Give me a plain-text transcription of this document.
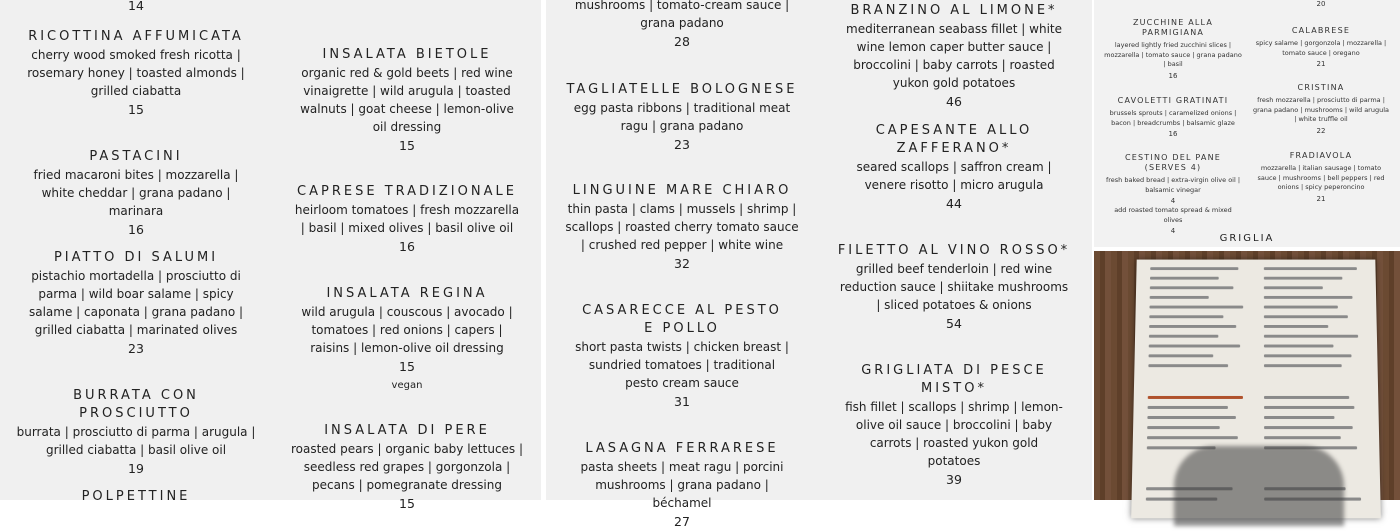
14
RICOTTINA AFFUMICATA
cherry wood smoked fresh ricotta | rosemary honey | toasted almonds | grilled ciabatta
15
PASTACINI
fried macaroni bites | mozzarella | white cheddar | grana padano | marinara
16
PIATTO DI SALUMI
pistachio mortadella | prosciutto di parma | wild boar salame | spicy salame | caponata | grana padano | grilled ciabatta | marinated olives
23
BURRATA CON PROSCIUTTO
burrata | prosciutto di parma | arugula | grilled ciabatta | basil olive oil
19
POLPETTINE
INSALATA BIETOLE
organic red & gold beets | red wine vinaigrette | wild arugula | toasted walnuts | goat cheese | lemon-olive oil dressing
15
CAPRESE TRADIZIONALE
heirloom tomatoes | fresh mozzarella | basil | mixed olives | basil olive oil
16
INSALATA REGINA
wild arugula | couscous | avocado | tomatoes | red onions | capers | raisins | lemon-olive oil dressing
15
vegan
INSALATA DI PERE
roasted pears | organic baby lettuces | seedless red grapes | gorgonzola | pecans | pomegranate dressing
15
mushrooms | tomato-cream sauce | grana padano
28
TAGLIATELLE BOLOGNESE
egg pasta ribbons | traditional meat ragu | grana padano
23
LINGUINE MARE CHIARO
thin pasta | clams | mussels | shrimp | scallops | roasted cherry tomato sauce | crushed red pepper | white wine
32
CASARECCE AL PESTO E POLLO
short pasta twists | chicken breast | sundried tomatoes | traditional pesto cream sauce
31
LASAGNA FERRARESE
pasta sheets | meat ragu | porcini mushrooms | grana padano | béchamel
27
BRANZINO AL LIMONE*
mediterranean seabass fillet | white wine lemon caper butter sauce | broccolini | baby carrots | roasted yukon gold potatoes
46
CAPESANTE ALLO ZAFFERANO*
seared scallops | saffron cream | venere risotto | micro arugula
44
FILETTO AL VINO ROSSO*
grilled beef tenderloin | red wine reduction sauce | shiitake mushrooms | sliced potatoes & onions
54
GRIGLIATA DI PESCE MISTO*
fish fillet | scallops | shrimp | lemon-olive oil sauce | broccolini | baby carrots | roasted yukon gold potatoes
39
ZUCCHINE ALLA PARMIGIANA
layered lightly fried zucchini slices | mozzarella | tomato sauce | grana padano | basil
16
CAVOLETTI GRATINATI
brussels sprouts | caramelized onions | bacon | breadcrumbs | balsamic glaze
16
CESTINO DEL PANE (SERVES 4)
fresh baked bread | extra-virgin olive oil | balsamic vinegar
4
add roasted tomato spread & mixed olives
4
20
CALABRESE
spicy salame | gorgonzola | mozzarella | tomato sauce | oregano
21
CRISTINA
fresh mozzarella | prosciutto di parma | grana padano | mushrooms | wild arugula | white truffle oil
22
FRADIAVOLA
mozzarella | italian sausage | tomato sauce | mushrooms | bell peppers | red onions | spicy peperoncino
21
GRIGLIA
